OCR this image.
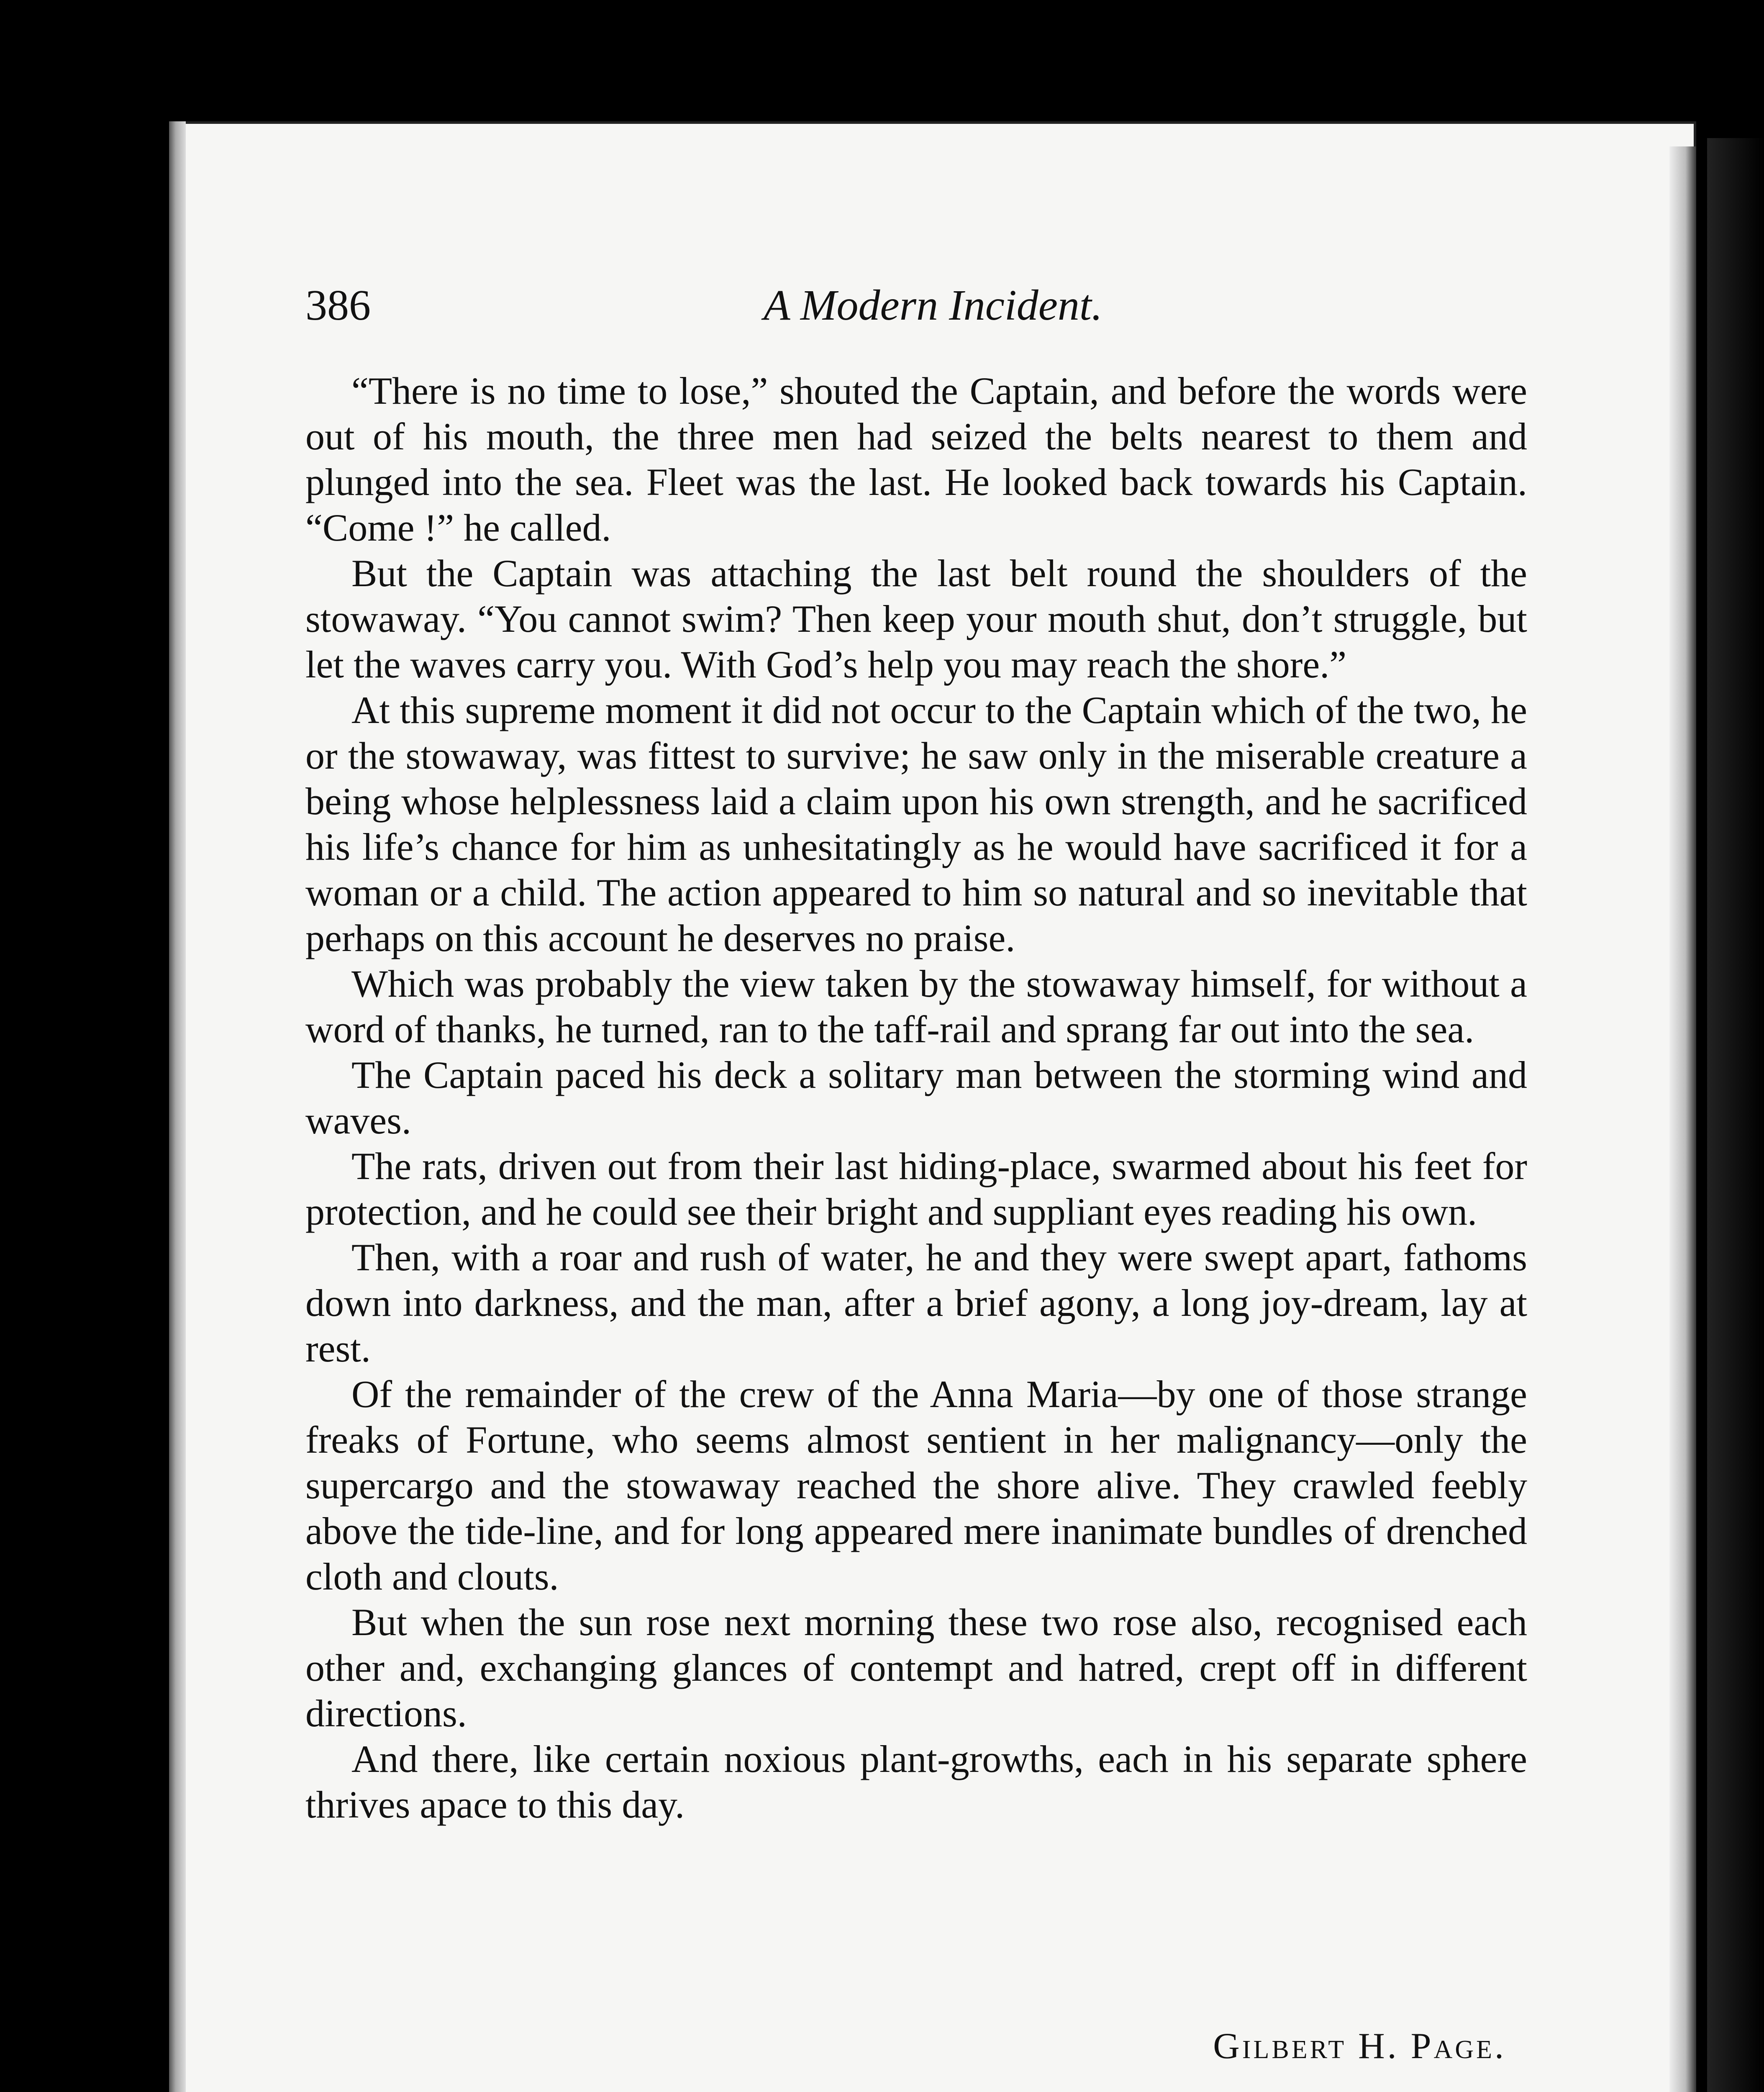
386	A Modern Incident.

“There is no time to lose,” shouted the Captain, and before the words were out of his mouth, the three men had seized the belts nearest to them and plunged into the sea. Fleet was the last. He looked back towards his Captain. “Come !” he called.

But the Captain was attaching the last belt round the shoulders of the stowaway. “You cannot swim? Then keep your mouth shut, don’t struggle, but let the waves carry you. With God’s help you may reach the shore.”

At this supreme moment it did not occur to the Captain which of the two, he or the stowaway, was fittest to survive; he saw only in the miserable creature a being whose helplessness laid a claim upon his own strength, and he sacrificed his life’s chance for him as unhesitatingly as he would have sacrificed it for a woman or a child. The action appeared to him so natural and so inevitable that perhaps on this account he deserves no praise.

Which was probably the view taken by the stowaway himself, for without a word of thanks, he turned, ran to the taff-rail and sprang far out into the sea.

The Captain paced his deck a solitary man between the storming wind and waves.

The rats, driven out from their last hiding-place, swarmed about his feet for protection, and he could see their bright and suppliant eyes reading his own.

Then, with a roar and rush of water, he and they were swept apart, fathoms down into darkness, and the man, after a brief agony, a long joy-dream, lay at rest.

Of the remainder of the crew of the Anna Maria—by one of those strange freaks of Fortune, who seems almost sentient in her malignancy—only the supercargo and the stowaway reached the shore alive. They crawled feebly above the tide-line, and for long appeared mere inanimate bundles of drenched cloth and clouts.

But when the sun rose next morning these two rose also, recognised each other and, exchanging glances of contempt and hatred, crept off in different directions.

And there, like certain noxious plant-growths, each in his separate sphere thrives apace to this day.

Gilbert H. Page.
